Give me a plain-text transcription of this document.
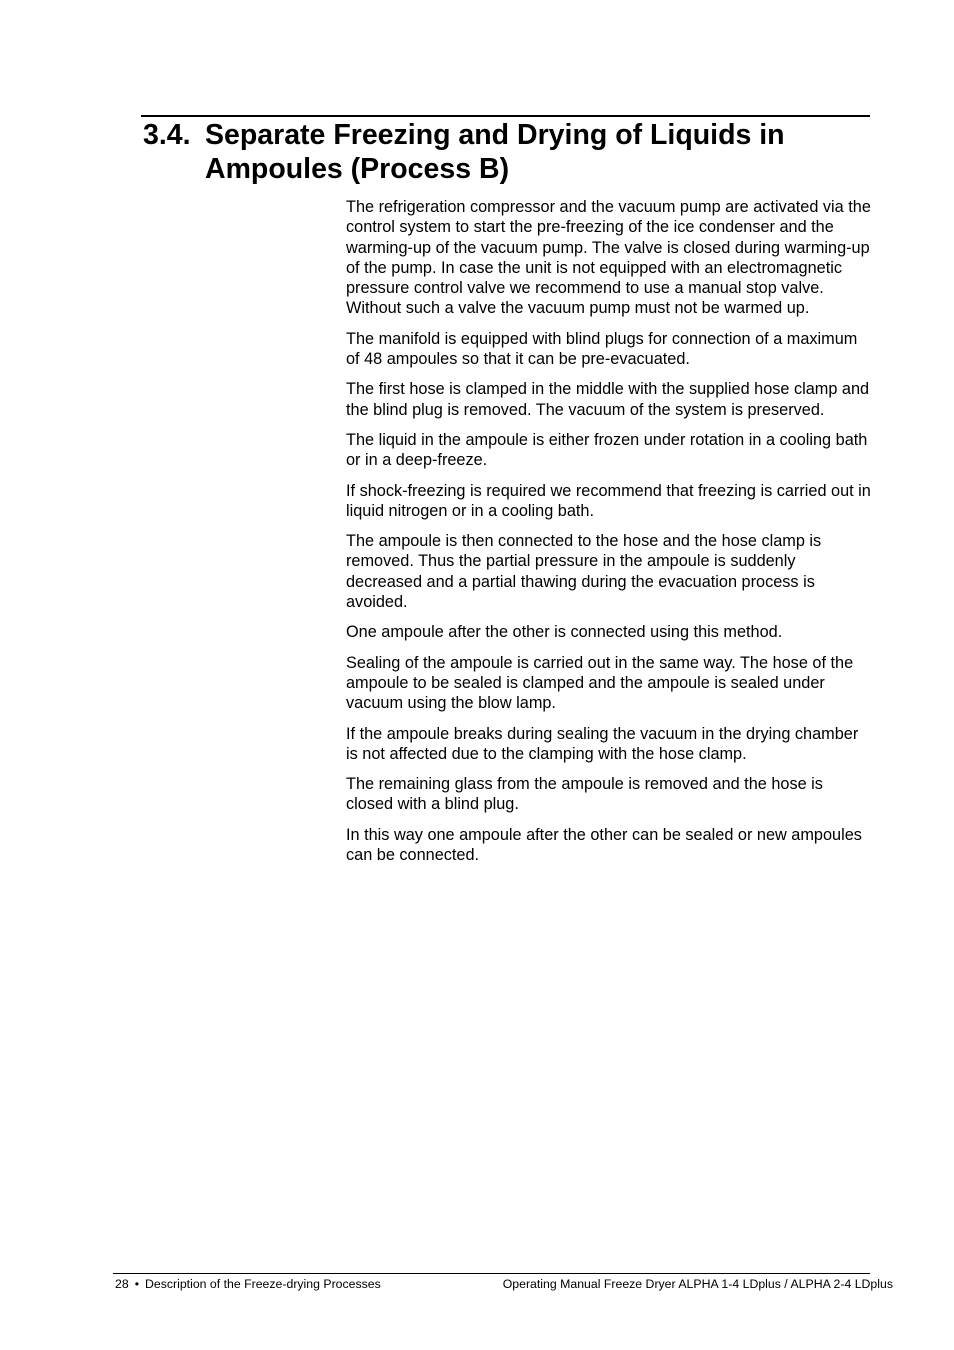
3.4. Separate Freezing and Drying of Liquids in Ampoules (Process B)

The refrigeration compressor and the vacuum pump are activated via the control system to start the pre-freezing of the ice condenser and the warming-up of the vacuum pump. The valve is closed during warming-up of the pump. In case the unit is not equipped with an electromagnetic pressure control valve we recommend to use a manual stop valve. Without such a valve the vacuum pump must not be warmed up.

The manifold is equipped with blind plugs for connection of a maximum of 48 ampoules so that it can be pre-evacuated.

The first hose is clamped in the middle with the supplied hose clamp and the blind plug is removed. The vacuum of the system is preserved.

The liquid in the ampoule is either frozen under rotation in a cooling bath or in a deep-freeze.

If shock-freezing is required we recommend that freezing is carried out in liquid nitrogen or in a cooling bath.

The ampoule is then connected to the hose and the hose clamp is removed. Thus the partial pressure in the ampoule is suddenly decreased and a partial thawing during the evacuation process is avoided.

One ampoule after the other is connected using this method.

Sealing of the ampoule is carried out in the same way. The hose of the ampoule to be sealed is clamped and the ampoule is sealed under vacuum using the blow lamp.

If the ampoule breaks during sealing the vacuum in the drying chamber is not affected due to the clamping with the hose clamp.

The remaining glass from the ampoule is removed and the hose is closed with a blind plug.

In this way one ampoule after the other can be sealed or new ampoules can be connected.

28 • Description of the Freeze-drying Processes	Operating Manual Freeze Dryer ALPHA 1-4 LDplus / ALPHA 2-4 LDplus
